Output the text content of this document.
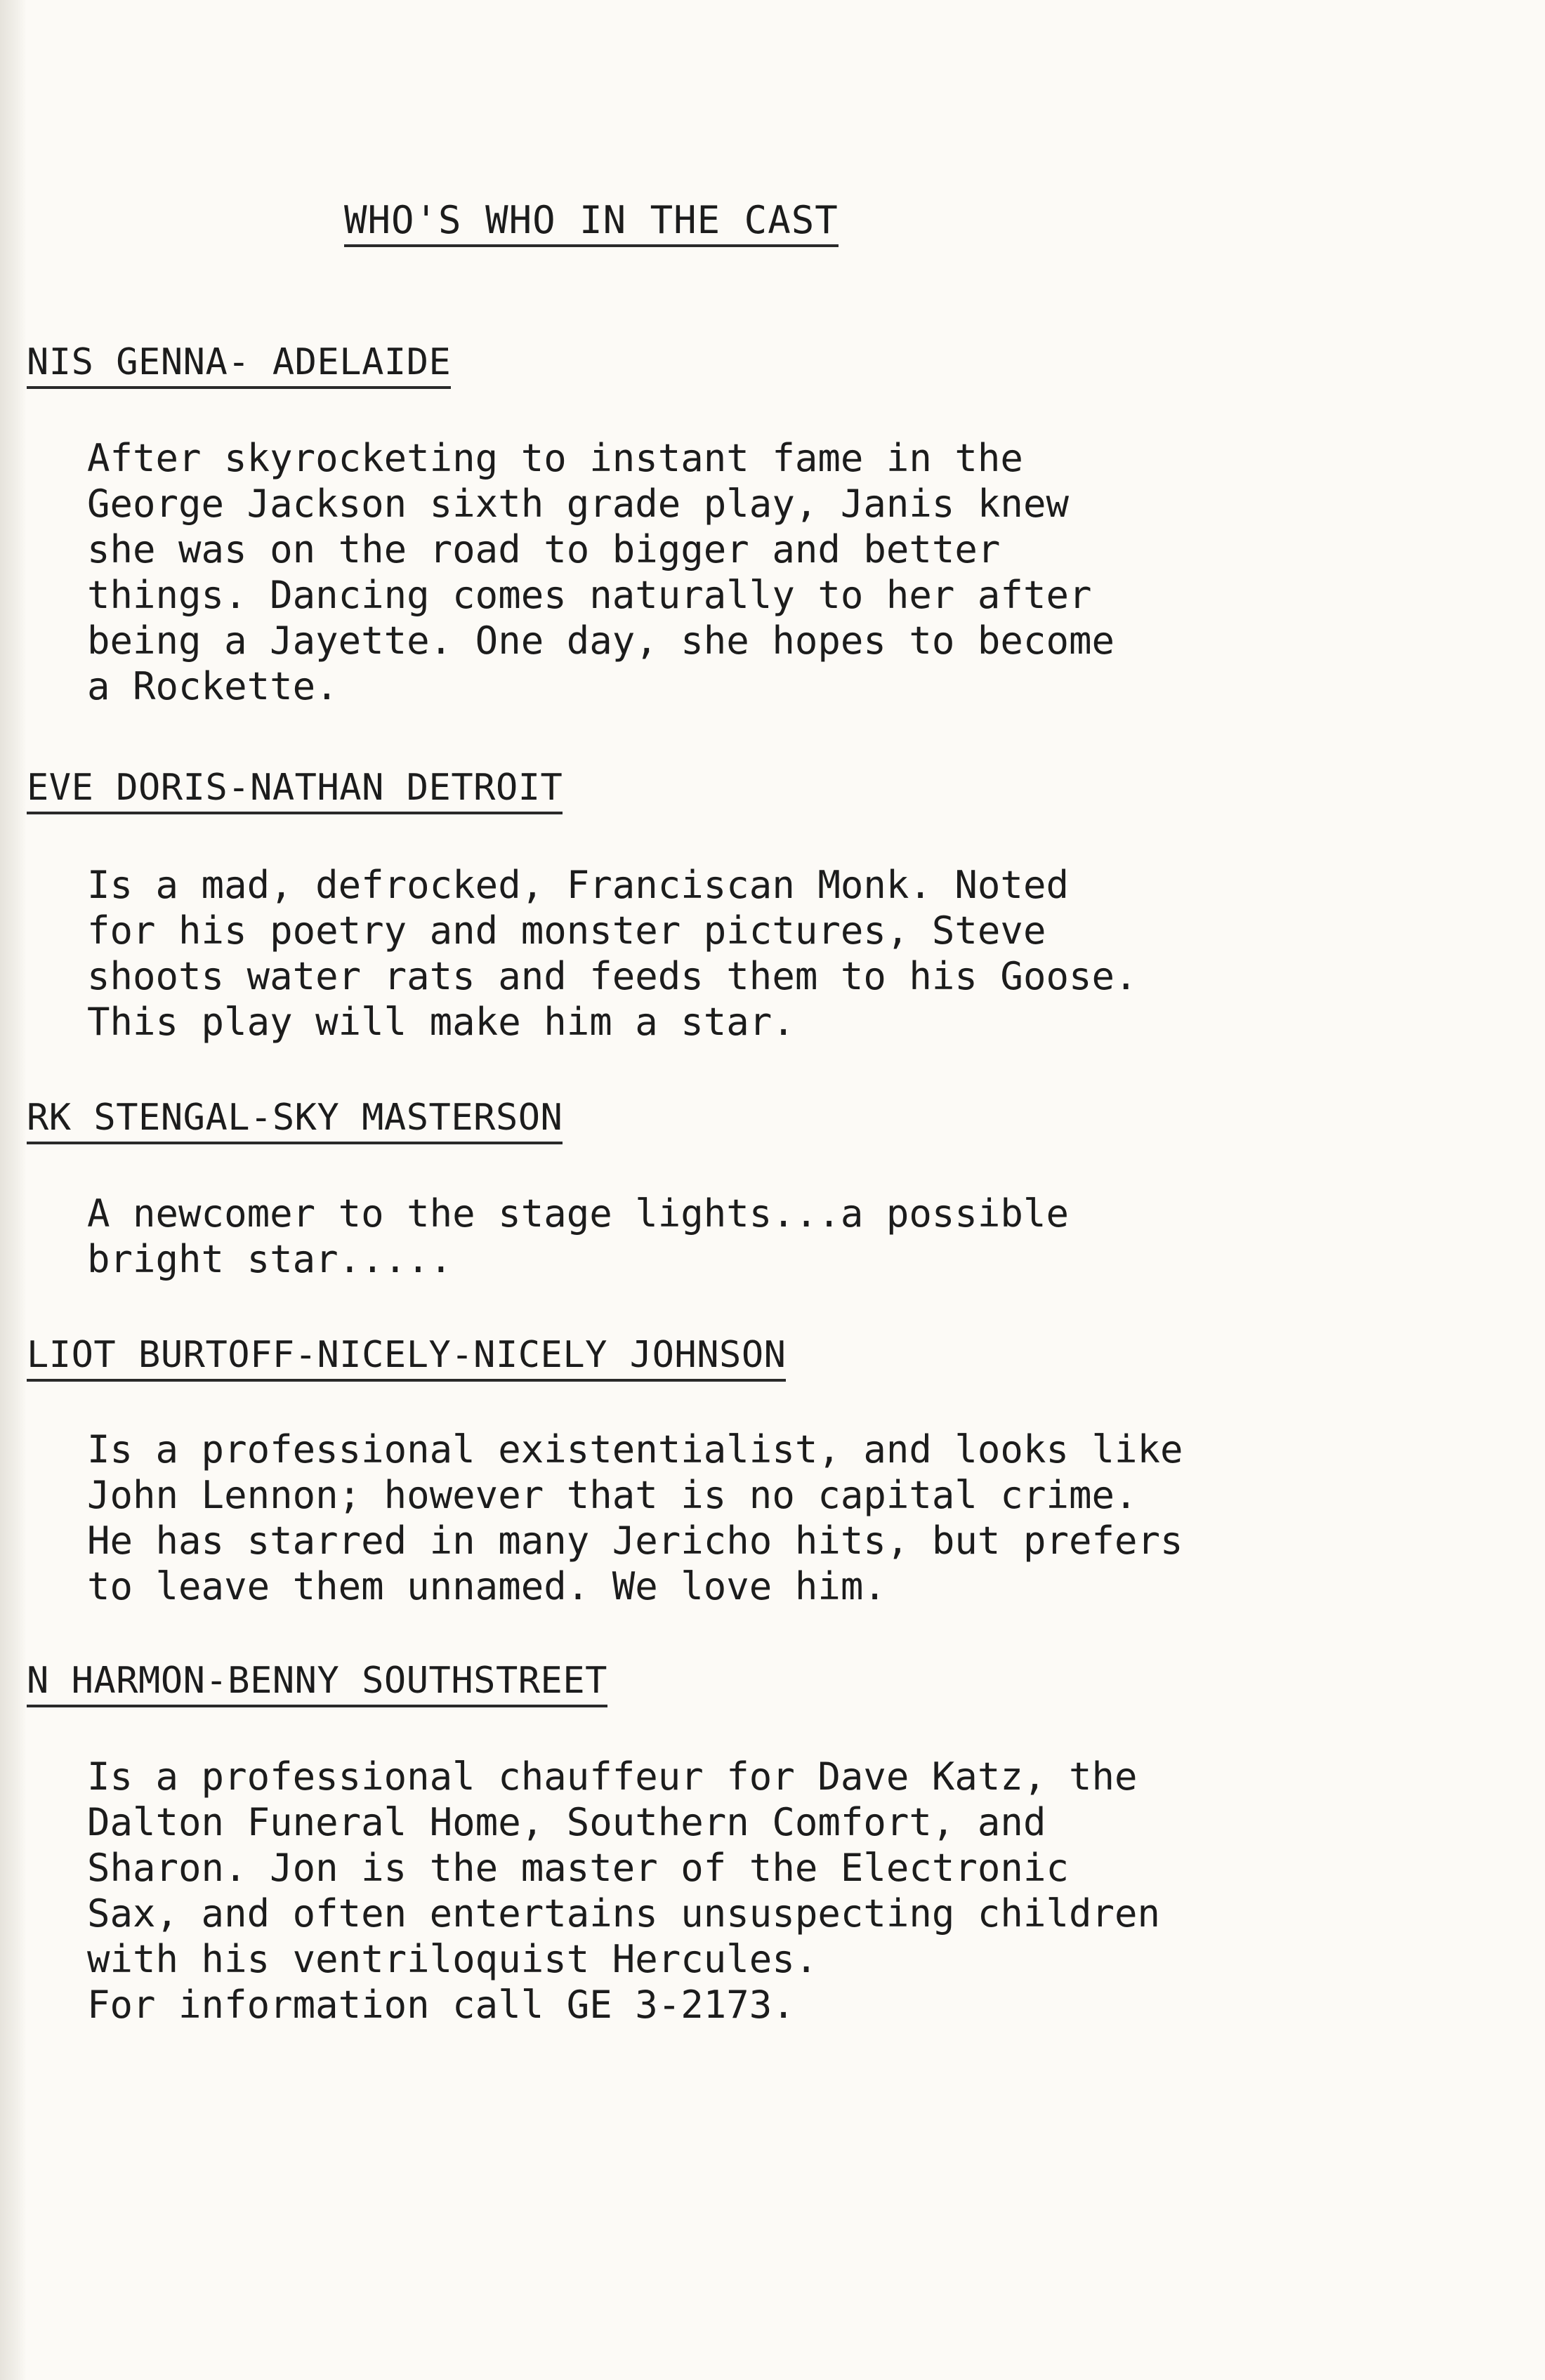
WHO'S WHO IN THE CAST
NIS GENNA- ADELAIDE
After skyrocketing to instant fame in the
George Jackson sixth grade play, Janis knew
she was on the road to bigger and better
things. Dancing comes naturally to her after
being a Jayette. One day, she hopes to become
a Rockette.
EVE DORIS-NATHAN DETROIT
Is a mad, defrocked, Franciscan Monk. Noted
for his poetry and monster pictures, Steve
shoots water rats and feeds them to his Goose.
This play will make him a star.
RK STENGAL-SKY MASTERSON
A newcomer to the stage lights...a possible
bright star.....
LIOT BURTOFF-NICELY-NICELY JOHNSON
Is a professional existentialist, and looks like
John Lennon; however that is no capital crime.
He has starred in many Jericho hits, but prefers
to leave them unnamed. We love him.
N HARMON-BENNY SOUTHSTREET
Is a professional chauffeur for Dave Katz, the
Dalton Funeral Home, Southern Comfort, and
Sharon. Jon is the master of the Electronic
Sax, and often entertains unsuspecting children
with his ventriloquist Hercules.
For information call GE 3-2173.
